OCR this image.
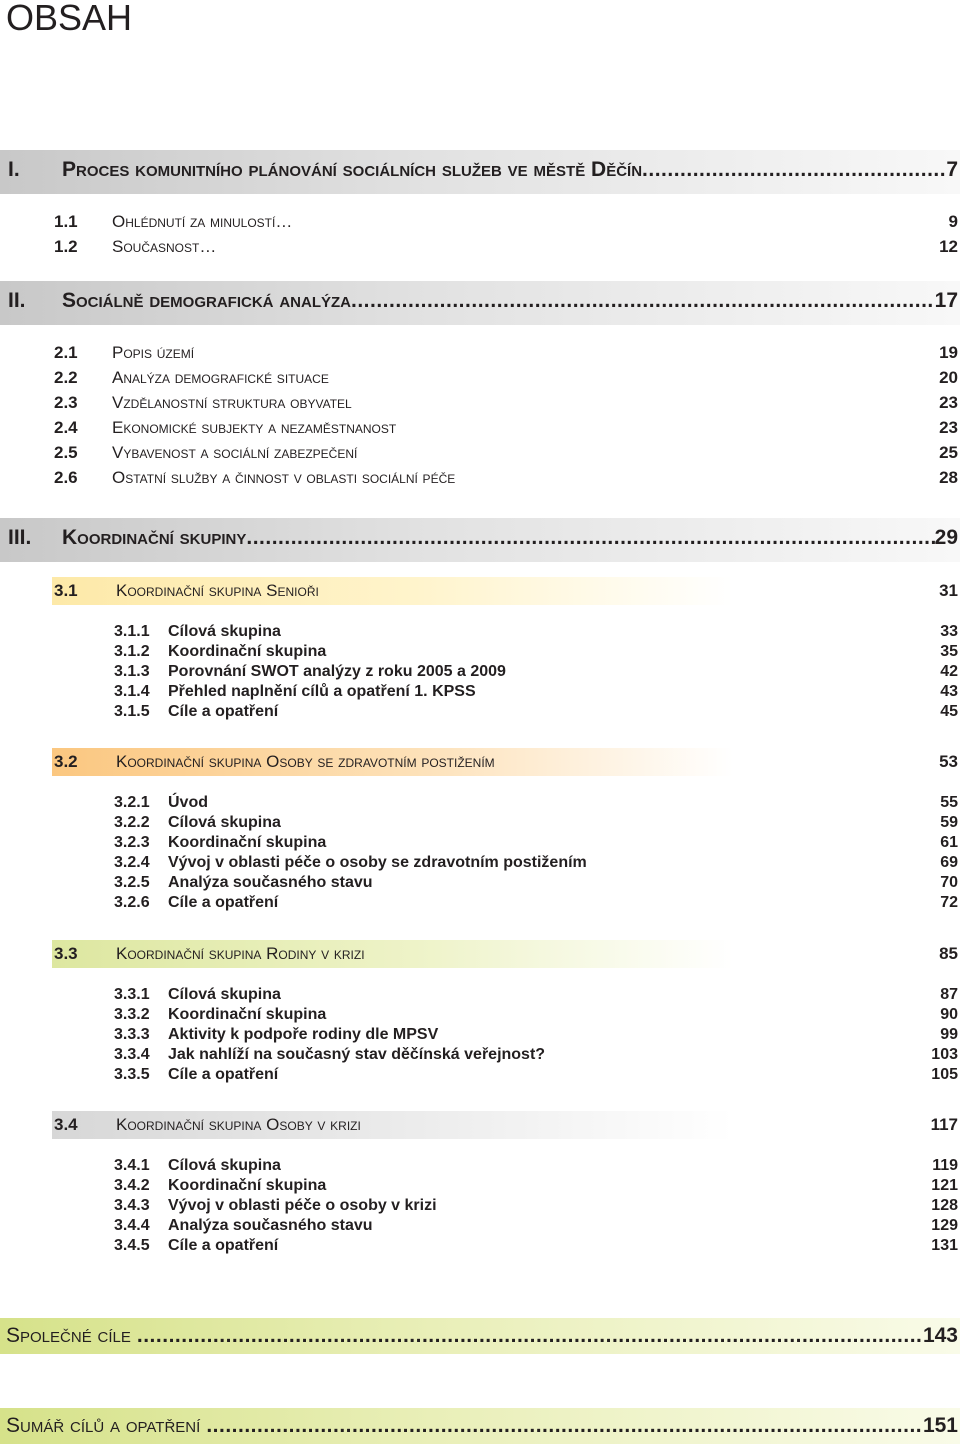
OBSAH
I.	Proces komunitního plánování sociálních služeb ve městě Děčín .....	7
1.1	Ohlédnutí za minulostí…	9
1.2	Současnost…	12
II.	Sociálně demografická analýza .....	17
2.1	Popis území	19
2.2	Analýza demografické situace	20
2.3	Vzdělanostní struktura obyvatel	23
2.4	Ekonomické subjekty a nezaměstnanost	23
2.5	Vybavenost a sociální zabezpečení	25
2.6	Ostatní služby a činnost v oblasti sociální péče	28
III.	Koordinační skupiny .....	29
3.1	Koordinační skupina Senioři	31
3.1.1	Cílová skupina	33
3.1.2	Koordinační skupina	35
3.1.3	Porovnání SWOT analýzy z roku 2005 a 2009	42
3.1.4	Přehled naplnění cílů a opatření 1. KPSS	43
3.1.5	Cíle a opatření	45
3.2	Koordinační skupina Osoby se zdravotním postižením	53
3.2.1	Úvod	55
3.2.2	Cílová skupina	59
3.2.3	Koordinační skupina	61
3.2.4	Vývoj v oblasti péče o osoby se zdravotním postižením	69
3.2.5	Analýza současného stavu	70
3.2.6	Cíle a opatření	72
3.3	Koordinační skupina Rodiny v krizi	85
3.3.1	Cílová skupina	87
3.3.2	Koordinační skupina	90
3.3.3	Aktivity k podpoře rodiny dle MPSV	99
3.3.4	Jak nahlíží na současný stav děčínská veřejnost?	103
3.3.5	Cíle a opatření	105
3.4	Koordinační skupina Osoby v krizi	117
3.4.1	Cílová skupina	119
3.4.2	Koordinační skupina	121
3.4.3	Vývoj v oblasti péče o osoby v krizi	128
3.4.4	Analýza současného stavu	129
3.4.5	Cíle a opatření	131
Společné cíle .....	143
Sumář cílů a opatření .....	151
